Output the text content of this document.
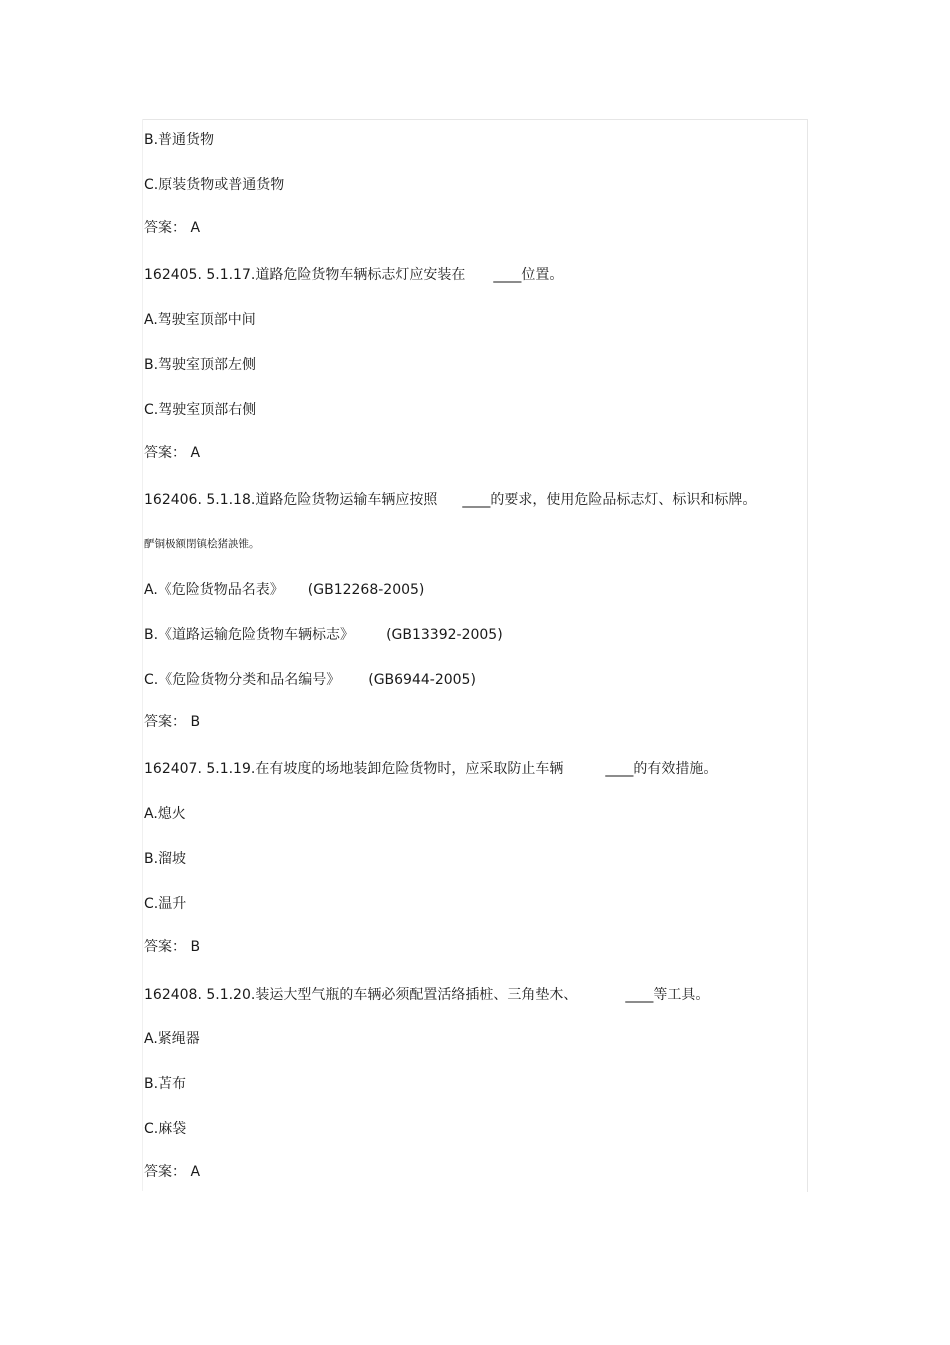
B.普通货物
C.原装货物或普通货物
答案： A
162405. 5.1.17.道路危险货物车辆标志灯应安装在 ____位置。
A.驾驶室顶部中间
B.驾驶室顶部左侧
C.驾驶室顶部右侧
答案： A
162406. 5.1.18.道路危险货物运输车辆应按照 ____的要求，使用危险品标志灯、标识和标牌。
酽铜极额閉镇桧猪詇锥。
A.《危险货物品名表》 (GB12268-2005)
B.《道路运输危险货物车辆标志》 (GB13392-2005)
C.《危险货物分类和品名编号》 (GB6944-2005)
答案： B
162407. 5.1.19.在有坡度的场地装卸危险货物时，应采取防止车辆	____的有效措施。
A.熄火
B.溜坡
C.温升
答案： B
162408. 5.1.20.装运大型气瓶的车辆必须配置活络插桩、三角垫木、	____等工具。
A.紧绳器
B.苫布
C.麻袋
答案： A
